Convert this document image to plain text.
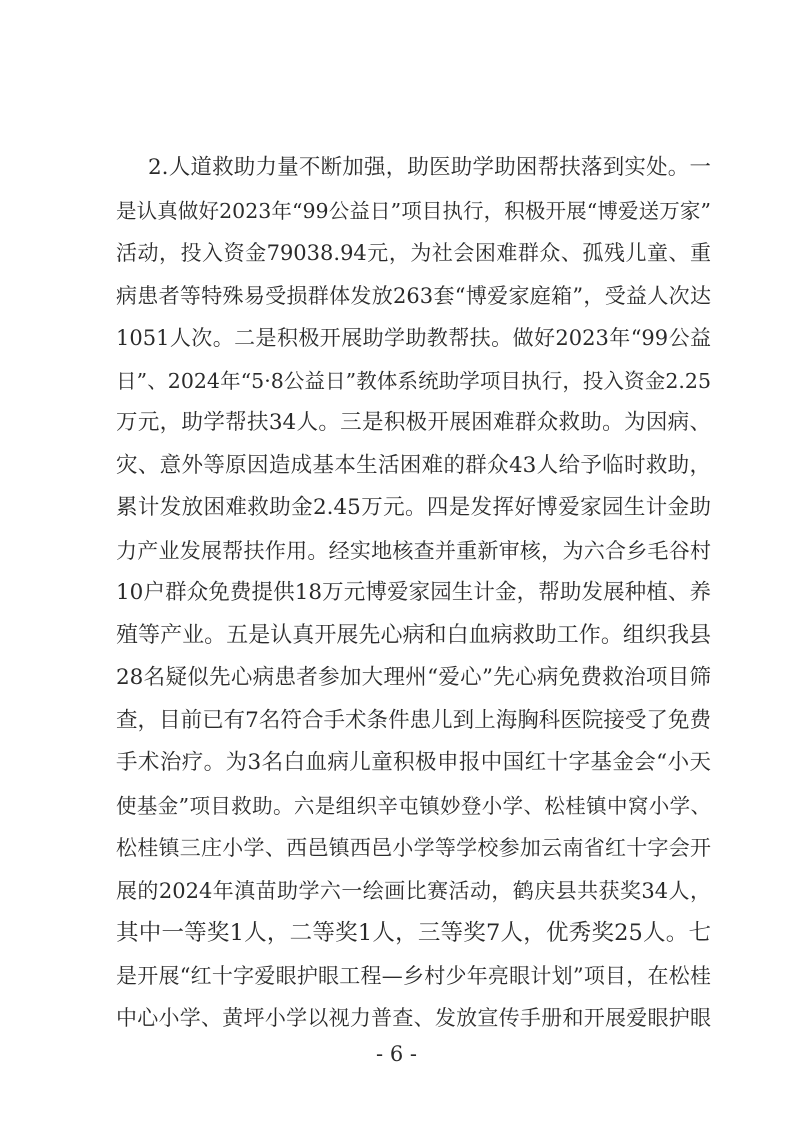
2.人道救助力量不断加强，助医助学助困帮扶落到实处。一
是认真做好2023年“99公益日”项目执行，积极开展“博爱送万家”
活动，投入资金79038.94元，为社会困难群众、孤残儿童、重
病患者等特殊易受损群体发放263套“博爱家庭箱”，受益人次达
1051人次。二是积极开展助学助教帮扶。做好2023年“99公益
日”、2024年“5·8公益日”教体系统助学项目执行，投入资金2.25
万元，助学帮扶34人。三是积极开展困难群众救助。为因病、
灾、意外等原因造成基本生活困难的群众43人给予临时救助，
累计发放困难救助金2.45万元。四是发挥好博爱家园生计金助
力产业发展帮扶作用。经实地核查并重新审核，为六合乡毛谷村
10户群众免费提供18万元博爱家园生计金，帮助发展种植、养
殖等产业。五是认真开展先心病和白血病救助工作。组织我县
28名疑似先心病患者参加大理州“爱心”先心病免费救治项目筛
查，目前已有7名符合手术条件患儿到上海胸科医院接受了免费
手术治疗。为3名白血病儿童积极申报中国红十字基金会“小天
使基金”项目救助。六是组织辛屯镇妙登小学、松桂镇中窝小学、
松桂镇三庄小学、西邑镇西邑小学等学校参加云南省红十字会开
展的2024年滇苗助学六一绘画比赛活动，鹤庆县共获奖34人，
其中一等奖1人，二等奖1人，三等奖7人，优秀奖25人。七
是开展“红十字爱眼护眼工程—乡村少年亮眼计划”项目，在松桂
中心小学、黄坪小学以视力普查、发放宣传手册和开展爱眼护眼
- 6 -
